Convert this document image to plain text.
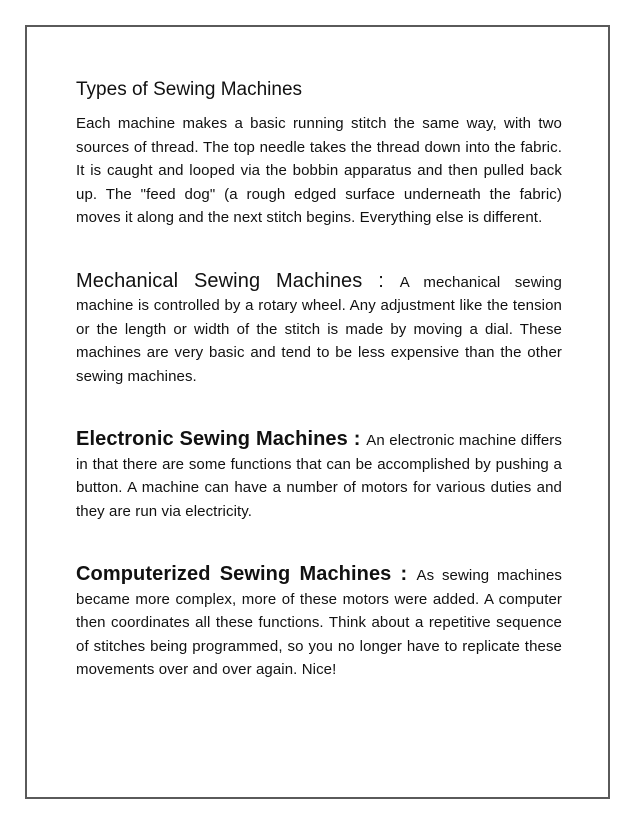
Types of Sewing Machines

Each machine makes a basic running stitch the same way, with two sources of thread. The top needle takes the thread down into the fabric. It is caught and looped via the bobbin apparatus and then pulled back up. The "feed dog" (a rough edged surface underneath the fabric) moves it along and the next stitch begins. Everything else is different.

Mechanical Sewing Machines : A mechanical sewing machine is controlled by a rotary wheel. Any adjustment like the tension or the length or width of the stitch is made by moving a dial. These machines are very basic and tend to be less expensive than the other sewing machines.

Electronic Sewing Machines : An electronic machine differs in that there are some functions that can be accomplished by pushing a button. A machine can have a number of motors for various duties and they are run via electricity.

Computerized Sewing Machines : As sewing machines became more complex, more of these motors were added. A computer then coordinates all these functions. Think about a repetitive sequence of stitches being programmed, so you no longer have to replicate these movements over and over again. Nice!
